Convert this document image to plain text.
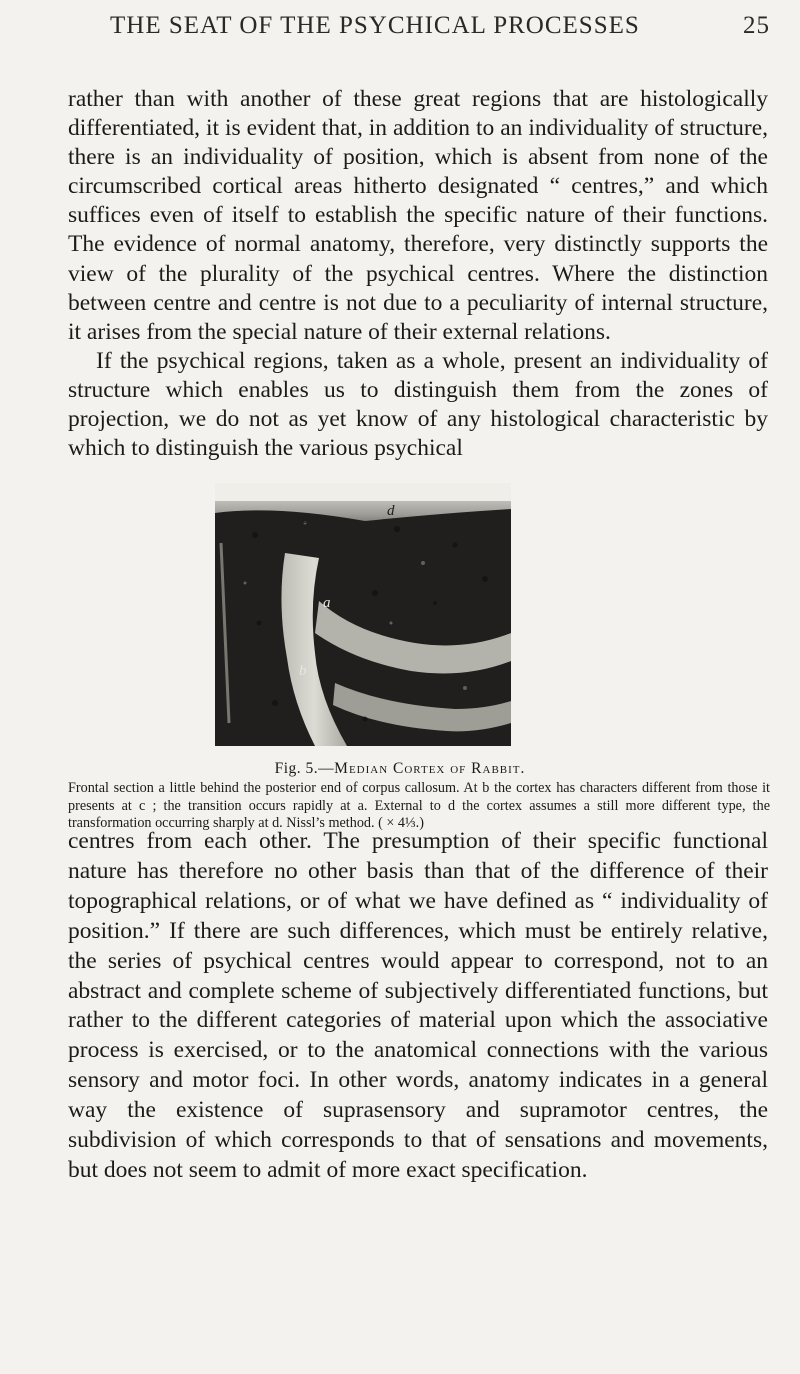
THE SEAT OF THE PSYCHICAL PROCESSES	25

rather than with another of these great regions that are histologically differentiated, it is evident that, in addition to an individuality of structure, there is an individuality of position, which is absent from none of the circumscribed cortical areas hitherto designated “ centres,” and which suffices even of itself to establish the specific nature of their functions. The evidence of normal anatomy, therefore, very distinctly supports the view of the plurality of the psychical centres. Where the distinction between centre and centre is not due to a peculiarity of internal structure, it arises from the special nature of their external relations.

If the psychical regions, taken as a whole, present an individuality of structure which enables us to distinguish them from the zones of projection, we do not as yet know of any histological characteristic by which to distinguish the various psychical

c	d
a
b
Fig. 5.—Median Cortex of Rabbit.
Frontal section a little behind the posterior end of corpus callosum. At b the cortex has characters different from those it presents at c ; the transition occurs rapidly at a. External to d the cortex assumes a still more different type, the transformation occurring sharply at d. Nissl’s method. ( × 4⅓.)

centres from each other. The presumption of their specific functional nature has therefore no other basis than that of the difference of their topographical relations, or of what we have defined as “ individuality of position.” If there are such differences, which must be entirely relative, the series of psychical centres would appear to correspond, not to an abstract and complete scheme of subjectively differentiated functions, but rather to the different categories of material upon which the associative process is exercised, or to the anatomical connections with the various sensory and motor foci. In other words, anatomy indicates in a general way the existence of suprasensory and supramotor centres, the subdivision of which corresponds to that of sensations and movements, but does not seem to admit of more exact specification.
